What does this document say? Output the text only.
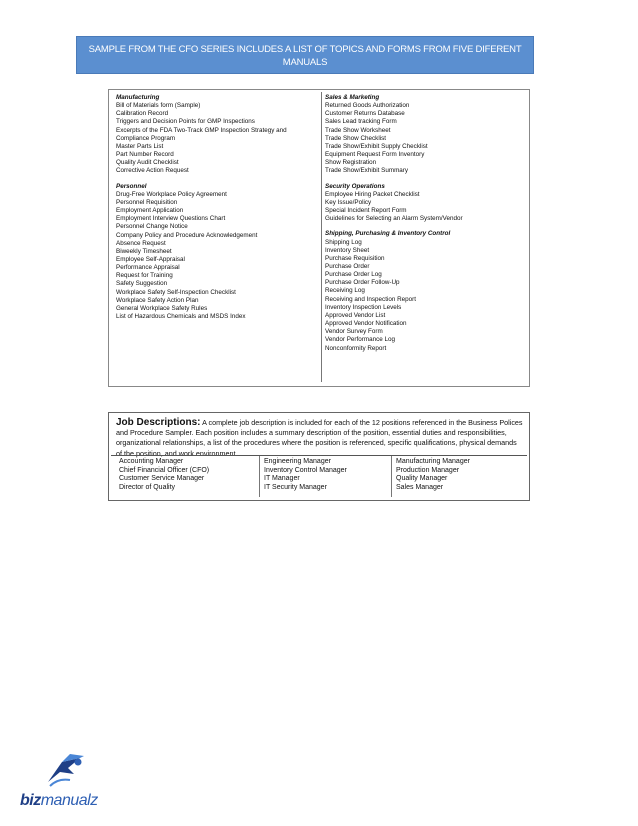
SAMPLE FROM THE CFO SERIES INCLUDES A LIST OF TOPICS AND FORMS FROM FIVE DIFERENT
MANUALS
Manufacturing
Bill of Materials form (Sample)
Calibration Record
Triggers and Decision Points for GMP Inspections
Excerpts of the FDA Two-Track GMP Inspection Strategy and
Compliance Program
Master Parts List
Part Number Record
Quality Audit Checklist
Corrective Action Request
Personnel
Drug-Free Workplace Policy Agreement
Personnel Requisition
Employment Application
Employment Interview Questions Chart
Personnel Change Notice
Company Policy and Procedure Acknowledgement
Absence Request
Biweekly Timesheet
Employee Self-Appraisal
Performance Appraisal
Request for Training
Safety Suggestion
Workplace Safety Self-Inspection Checklist
Workplace Safety Action Plan
General Workplace Safety Rules
List of Hazardous Chemicals and MSDS Index
Sales & Marketing
Returned Goods Authorization
Customer Returns Database
Sales Lead tracking Form
Trade Show Worksheet
Trade Show Checklist
Trade Show/Exhibit Supply Checklist
Equipment Request Form Inventory
Show Registration
Trade Show/Exhibit Summary
Security Operations
Employee Hiring Packet Checklist
Key Issue/Policy
Special Incident Report Form
Guidelines for Selecting an Alarm System/Vendor
Shipping, Purchasing & Inventory Control
Shipping Log
Inventory Sheet
Purchase Requisition
Purchase Order
Purchase Order Log
Purchase Order Follow-Up
Receiving Log
Receiving and Inspection Report
Inventory Inspection Levels
Approved Vendor List
Approved Vendor Notification
Vendor Survey Form
Vendor Performance Log
Nonconformity Report
Job Descriptions: A complete job description is included for each of the 12 positions referenced in the Business Polices and Procedure Sampler. Each position includes a summary description of the position, essential duties and responsibilities, organizational relationships, a list of the procedures where the position is referenced, specific qualifications, physical demands of the position, and work environment.
Accounting Manager
Chief Financial Officer (CFO)
Customer Service Manager
Director of Quality
Engineering Manager
Inventory Control Manager
IT Manager
IT Security Manager
Manufacturing Manager
Production Manager
Quality Manager
Sales Manager
bizmanualz
